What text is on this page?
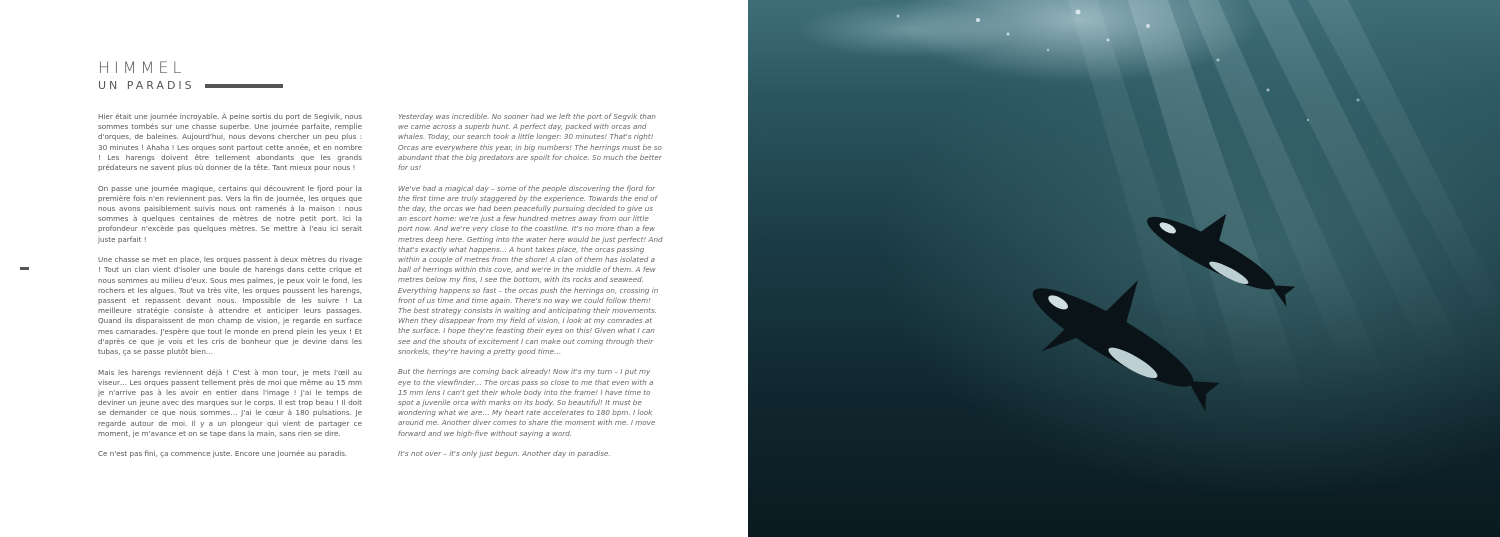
HIMMEL
UN PARADIS

Hier était une journée incroyable. À peine sortis du port de Segivik, nous sommes tombés sur une chasse superbe. Une journée parfaite, remplie d'orques, de baleines. Aujourd'hui, nous devons chercher un peu plus : 30 minutes ! Ahaha ! Les orques sont partout cette année, et en nombre ! Les harengs doivent être tellement abondants que les grands prédateurs ne savent plus où donner de la tête. Tant mieux pour nous !

On passe une journée magique, certains qui découvrent le fjord pour la première fois n'en reviennent pas. Vers la fin de journée, les orques que nous avons paisiblement suivis nous ont ramenés à la maison : nous sommes à quelques centaines de mètres de notre petit port. Ici la profondeur n'excède pas quelques mètres. Se mettre à l'eau ici serait juste parfait !

Une chasse se met en place, les orques passent à deux mètres du rivage ! Tout un clan vient d'isoler une boule de harengs dans cette crique et nous sommes au milieu d'eux. Sous mes palmes, je peux voir le fond, les rochers et les algues. Tout va très vite, les orques poussent les harengs, passent et repassent devant nous. Impossible de les suivre ! La meilleure stratégie consiste à attendre et anticiper leurs passages. Quand ils disparaissent de mon champ de vision, je regarde en surface mes camarades. J'espère que tout le monde en prend plein les yeux ! Et d'après ce que je vois et les cris de bonheur que je devine dans les tubas, ça se passe plutôt bien…

Mais les harengs reviennent déjà ! C'est à mon tour, je mets l'œil au viseur… Les orques passent tellement près de moi que même au 15 mm je n'arrive pas à les avoir en entier dans l'image ! J'ai le temps de deviner un jeune avec des marques sur le corps. Il est trop beau ! Il doit se demander ce que nous sommes… J'ai le cœur à 180 pulsations. Je regarde autour de moi. Il y a un plongeur qui vient de partager ce moment, je m'avance et on se tape dans la main, sans rien se dire.

Ce n'est pas fini, ça commence juste. Encore une journée au paradis.

Yesterday was incredible. No sooner had we left the port of Segvik than we came across a superb hunt. A perfect day, packed with orcas and whales. Today, our search took a little longer: 30 minutes! That's right! Orcas are everywhere this year, in big numbers! The herrings must be so abundant that the big predators are spoilt for choice. So much the better for us!

We've had a magical day – some of the people discovering the fjord for the first time are truly staggered by the experience. Towards the end of the day, the orcas we had been peacefully pursuing decided to give us an escort home: we're just a few hundred metres away from our little port now. And we're very close to the coastline. It's no more than a few metres deep here. Getting into the water here would be just perfect! And that's exactly what happens… A hunt takes place, the orcas passing within a couple of metres from the shore! A clan of them has isolated a ball of herrings within this cove, and we're in the middle of them. A few metres below my fins, I see the bottom, with its rocks and seaweed. Everything happens so fast – the orcas push the herrings on, crossing in front of us time and time again. There's no way we could follow them! The best strategy consists in waiting and anticipating their movements. When they disappear from my field of vision, I look at my comrades at the surface. I hope they're feasting their eyes on this! Given what I can see and the shouts of excitement I can make out coming through their snorkels, they're having a pretty good time…

But the herrings are coming back already! Now it's my turn – I put my eye to the viewfinder… The orcas pass so close to me that even with a 15 mm lens I can't get their whole body into the frame! I have time to spot a juvenile orca with marks on its body. So beautiful! It must be wondering what we are… My heart rate accelerates to 180 bpm. I look around me. Another diver comes to share the moment with me. I move forward and we high-five without saying a word.

It's not over – it's only just begun. Another day in paradise.
